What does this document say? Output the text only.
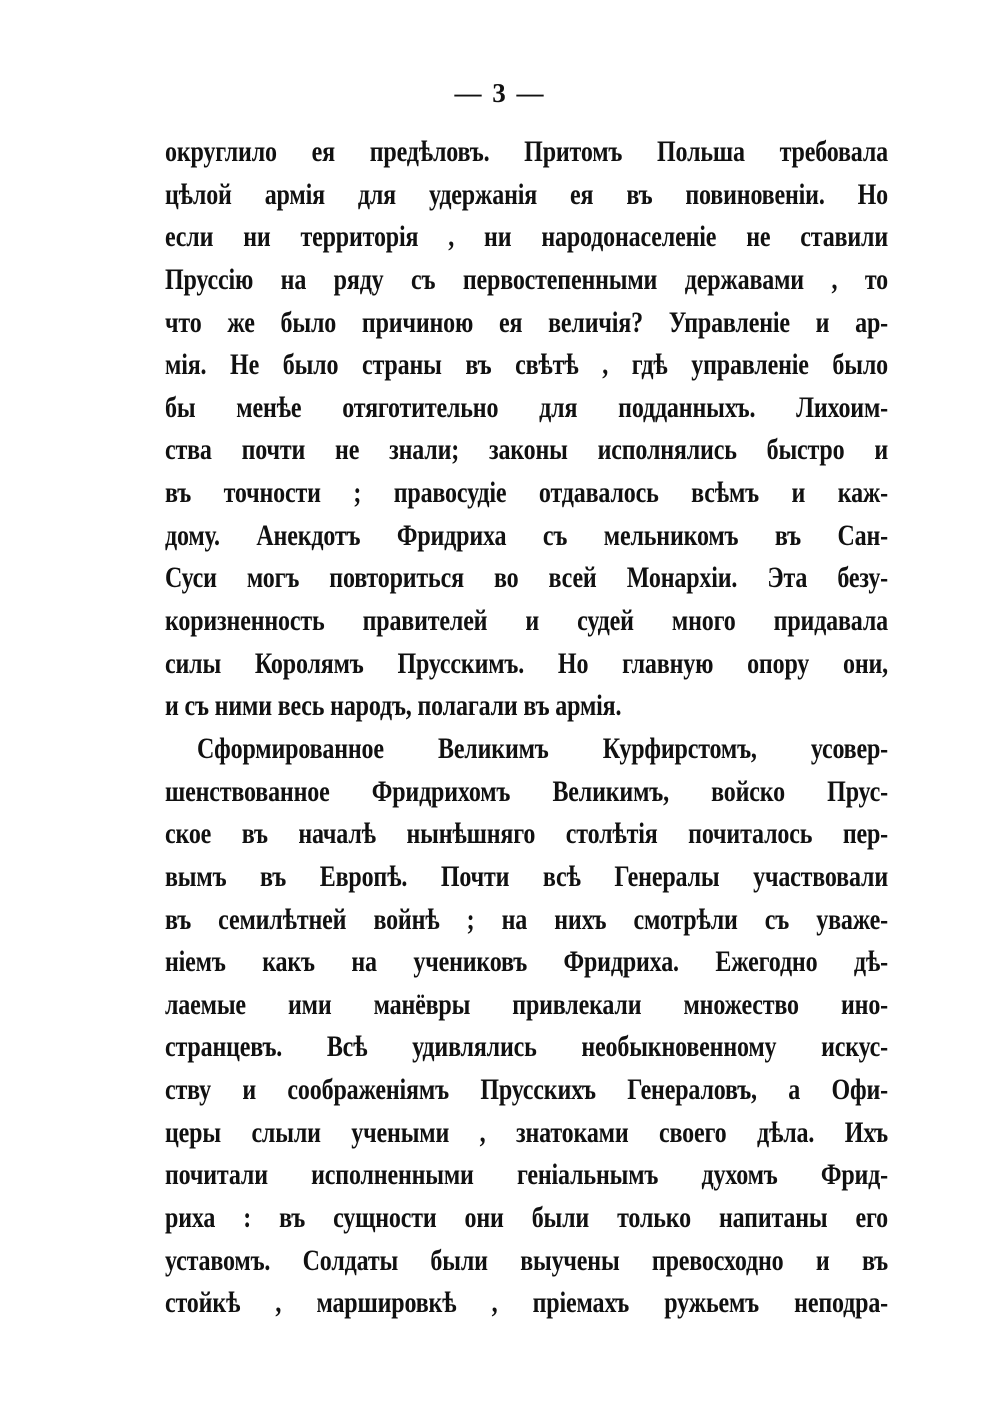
— 3 —
округлило ея предѣловъ. Притомъ Польша требовала
цѣлой армія для удержанія ея въ повиновеніи. Но
если ни территорія , ни народонаселеніе не ставили
Пруссію на ряду съ первостепенными державами , то
что же было причиною ея величія? Управленіе и ар-
мія. Не было страны въ свѣтѣ , гдѣ управленіе было
бы менѣе отяготительно для подданныхъ. Лихоим-
ства почти не знали; законы исполнялись быстро и
въ точности ; правосудіе отдавалось всѣмъ и каж-
дому. Анекдотъ Фридриха съ мельникомъ въ Сан-
Суси могъ повториться во всей Монархіи. Эта безу-
коризненность правителей и судей много придавала
силы Королямъ Прусскимъ. Но главную опору они,
и съ ними весь народъ, полагали въ армія.
Сформированное Великимъ Курфирстомъ, усовер-
шенствованное Фридрихомъ Великимъ, войско Прус-
ское въ началѣ нынѣшняго столѣтія почиталось пер-
вымъ въ Европѣ. Почти всѣ Генералы участвовали
въ семилѣтней войнѣ ; на нихъ смотрѣли съ уваже-
ніемъ какъ на учениковъ Фридриха. Ежегодно дѣ-
лаемые ими манёвры привлекали множество ино-
странцевъ. Всѣ удивлялись необыкновенному искус-
ству и соображеніямъ Прусскихъ Генераловъ, а Офи-
церы слыли учеными , знатоками своего дѣла. Ихъ
почитали исполненными геніальнымъ духомъ Фрид-
риха : въ сущности они были только напитаны его
уставомъ. Солдаты были выучены превосходно и въ
стойкѣ , маршировкѣ , пріемахъ ружьемъ неподра-
